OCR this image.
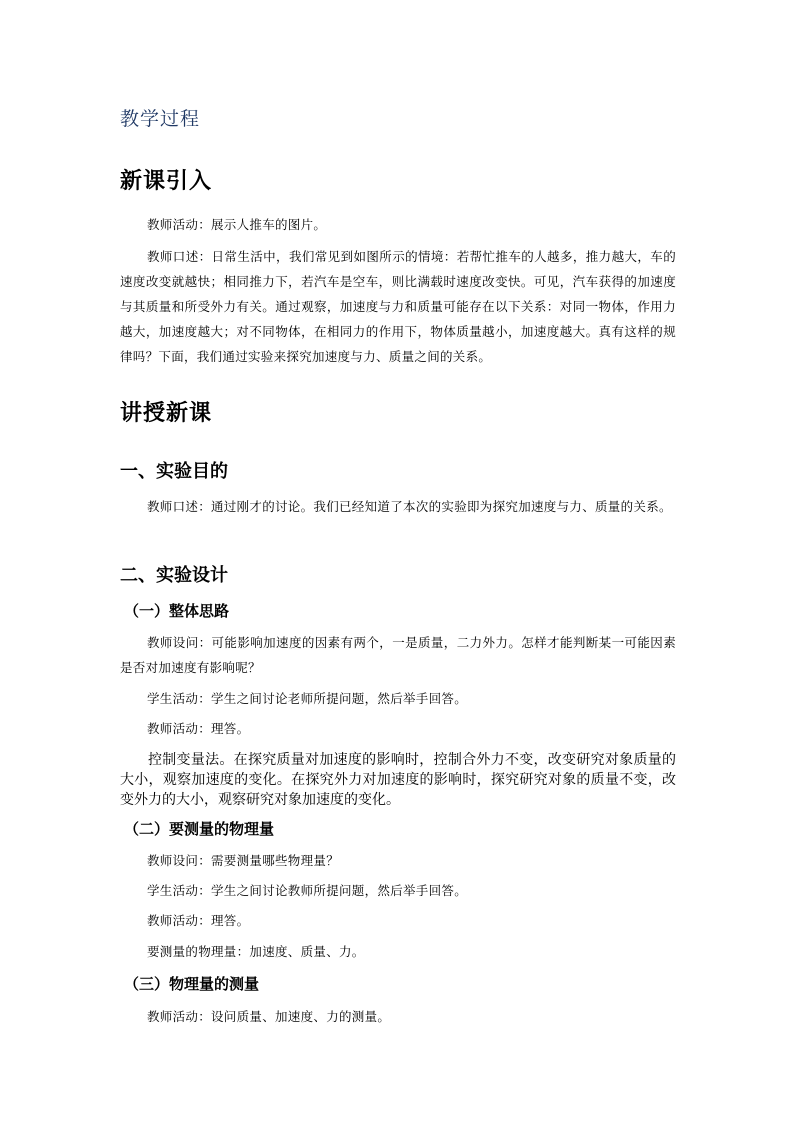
教学过程
新课引入
教师活动：展示人推车的图片。
教师口述：日常生活中，我们常见到如图所示的情境：若帮忙推车的人越多，推力越大，车的速度改变就越快；相同推力下，若汽车是空车，则比满载时速度改变快。可见，汽车获得的加速度与其质量和所受外力有关。通过观察，加速度与力和质量可能存在以下关系：对同一物体，作用力越大，加速度越大；对不同物体，在相同力的作用下，物体质量越小，加速度越大。真有这样的规律吗？下面，我们通过实验来探究加速度与力、质量之间的关系。
讲授新课
一、实验目的
教师口述：通过刚才的讨论。我们已经知道了本次的实验即为探究加速度与力、质量的关系。
二、实验设计
（一）整体思路
教师设问：可能影响加速度的因素有两个，一是质量，二力外力。怎样才能判断某一可能因素是否对加速度有影响呢？
学生活动：学生之间讨论老师所提问题，然后举手回答。
教师活动：理答。
控制变量法。在探究质量对加速度的影响时，控制合外力不变，改变研究对象质量的大小，观察加速度的变化。在探究外力对加速度的影响时，探究研究对象的质量不变，改变外力的大小，观察研究对象加速度的变化。
（二）要测量的物理量
教师设问：需要测量哪些物理量？
学生活动：学生之间讨论教师所提问题，然后举手回答。
教师活动：理答。
要测量的物理量：加速度、质量、力。
（三）物理量的测量
教师活动：设问质量、加速度、力的测量。
